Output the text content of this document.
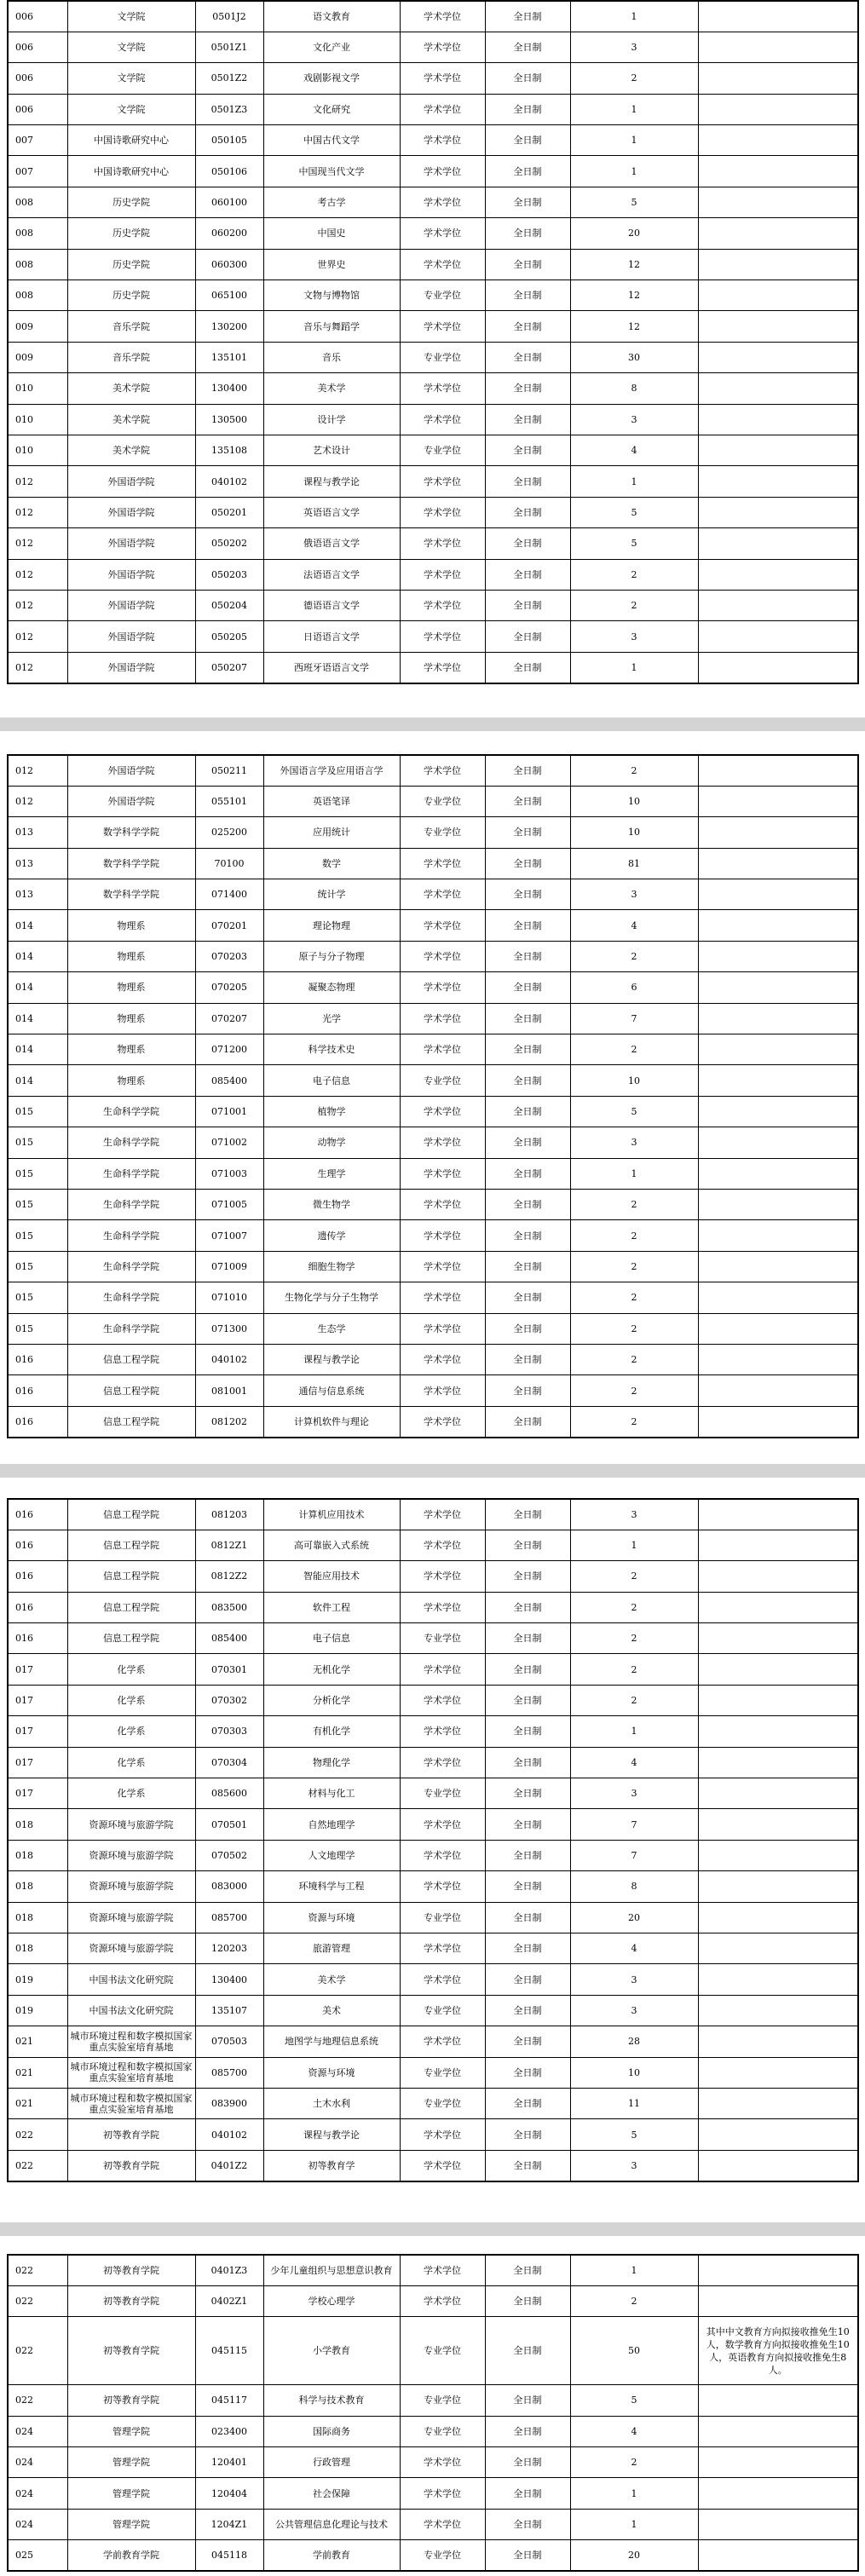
006	文学院	0501J2	语文教育	学术学位	全日制	1	
006	文学院	0501Z1	文化产业	学术学位	全日制	3	
006	文学院	0501Z2	戏剧影视文学	学术学位	全日制	2	
006	文学院	0501Z3	文化研究	学术学位	全日制	1	
007	中国诗歌研究中心	050105	中国古代文学	学术学位	全日制	1	
007	中国诗歌研究中心	050106	中国现当代文学	学术学位	全日制	1	
008	历史学院	060100	考古学	学术学位	全日制	5	
008	历史学院	060200	中国史	学术学位	全日制	20	
008	历史学院	060300	世界史	学术学位	全日制	12	
008	历史学院	065100	文物与博物馆	专业学位	全日制	12	
009	音乐学院	130200	音乐与舞蹈学	学术学位	全日制	12	
009	音乐学院	135101	音乐	专业学位	全日制	30	
010	美术学院	130400	美术学	学术学位	全日制	8	
010	美术学院	130500	设计学	学术学位	全日制	3	
010	美术学院	135108	艺术设计	专业学位	全日制	4	
012	外国语学院	040102	课程与教学论	学术学位	全日制	1	
012	外国语学院	050201	英语语言文学	学术学位	全日制	5	
012	外国语学院	050202	俄语语言文学	学术学位	全日制	5	
012	外国语学院	050203	法语语言文学	学术学位	全日制	2	
012	外国语学院	050204	德语语言文学	学术学位	全日制	2	
012	外国语学院	050205	日语语言文学	学术学位	全日制	3	
012	外国语学院	050207	西班牙语语言文学	学术学位	全日制	1	
012	外国语学院	050211	外国语言学及应用语言学	学术学位	全日制	2	
012	外国语学院	055101	英语笔译	专业学位	全日制	10	
013	数学科学学院	025200	应用统计	专业学位	全日制	10	
013	数学科学学院	70100	数学	学术学位	全日制	81	
013	数学科学学院	071400	统计学	学术学位	全日制	3	
014	物理系	070201	理论物理	学术学位	全日制	4	
014	物理系	070203	原子与分子物理	学术学位	全日制	2	
014	物理系	070205	凝聚态物理	学术学位	全日制	6	
014	物理系	070207	光学	学术学位	全日制	7	
014	物理系	071200	科学技术史	学术学位	全日制	2	
014	物理系	085400	电子信息	专业学位	全日制	10	
015	生命科学学院	071001	植物学	学术学位	全日制	5	
015	生命科学学院	071002	动物学	学术学位	全日制	3	
015	生命科学学院	071003	生理学	学术学位	全日制	1	
015	生命科学学院	071005	微生物学	学术学位	全日制	2	
015	生命科学学院	071007	遗传学	学术学位	全日制	2	
015	生命科学学院	071009	细胞生物学	学术学位	全日制	2	
015	生命科学学院	071010	生物化学与分子生物学	学术学位	全日制	2	
015	生命科学学院	071300	生态学	学术学位	全日制	2	
016	信息工程学院	040102	课程与教学论	学术学位	全日制	2	
016	信息工程学院	081001	通信与信息系统	学术学位	全日制	2	
016	信息工程学院	081202	计算机软件与理论	学术学位	全日制	2	
016	信息工程学院	081203	计算机应用技术	学术学位	全日制	3	
016	信息工程学院	0812Z1	高可靠嵌入式系统	学术学位	全日制	1	
016	信息工程学院	0812Z2	智能应用技术	学术学位	全日制	2	
016	信息工程学院	083500	软件工程	学术学位	全日制	2	
016	信息工程学院	085400	电子信息	专业学位	全日制	2	
017	化学系	070301	无机化学	学术学位	全日制	2	
017	化学系	070302	分析化学	学术学位	全日制	2	
017	化学系	070303	有机化学	学术学位	全日制	1	
017	化学系	070304	物理化学	学术学位	全日制	4	
017	化学系	085600	材料与化工	专业学位	全日制	3	
018	资源环境与旅游学院	070501	自然地理学	学术学位	全日制	7	
018	资源环境与旅游学院	070502	人文地理学	学术学位	全日制	7	
018	资源环境与旅游学院	083000	环境科学与工程	学术学位	全日制	8	
018	资源环境与旅游学院	085700	资源与环境	专业学位	全日制	20	
018	资源环境与旅游学院	120203	旅游管理	学术学位	全日制	4	
019	中国书法文化研究院	130400	美术学	学术学位	全日制	3	
019	中国书法文化研究院	135107	美术	专业学位	全日制	3	
021	城市环境过程和数字模拟国家重点实验室培育基地	070503	地图学与地理信息系统	学术学位	全日制	28	
021	城市环境过程和数字模拟国家重点实验室培育基地	085700	资源与环境	专业学位	全日制	10	
021	城市环境过程和数字模拟国家重点实验室培育基地	083900	土木水利	专业学位	全日制	11	
022	初等教育学院	040102	课程与教学论	学术学位	全日制	5	
022	初等教育学院	0401Z2	初等教育学	学术学位	全日制	3	
022	初等教育学院	0401Z3	少年儿童组织与思想意识教育	学术学位	全日制	1	
022	初等教育学院	0402Z1	学校心理学	学术学位	全日制	2	
022	初等教育学院	045115	小学教育	专业学位	全日制	50	其中中文教育方向拟接收推免生10人，数学教育方向拟接收推免生10人，英语教育方向拟接收推免生8人。
022	初等教育学院	045117	科学与技术教育	专业学位	全日制	5	
024	管理学院	023400	国际商务	专业学位	全日制	4	
024	管理学院	120401	行政管理	学术学位	全日制	2	
024	管理学院	120404	社会保障	学术学位	全日制	1	
024	管理学院	1204Z1	公共管理信息化理论与技术	学术学位	全日制	1	
025	学前教育学院	045118	学前教育	专业学位	全日制	20	
